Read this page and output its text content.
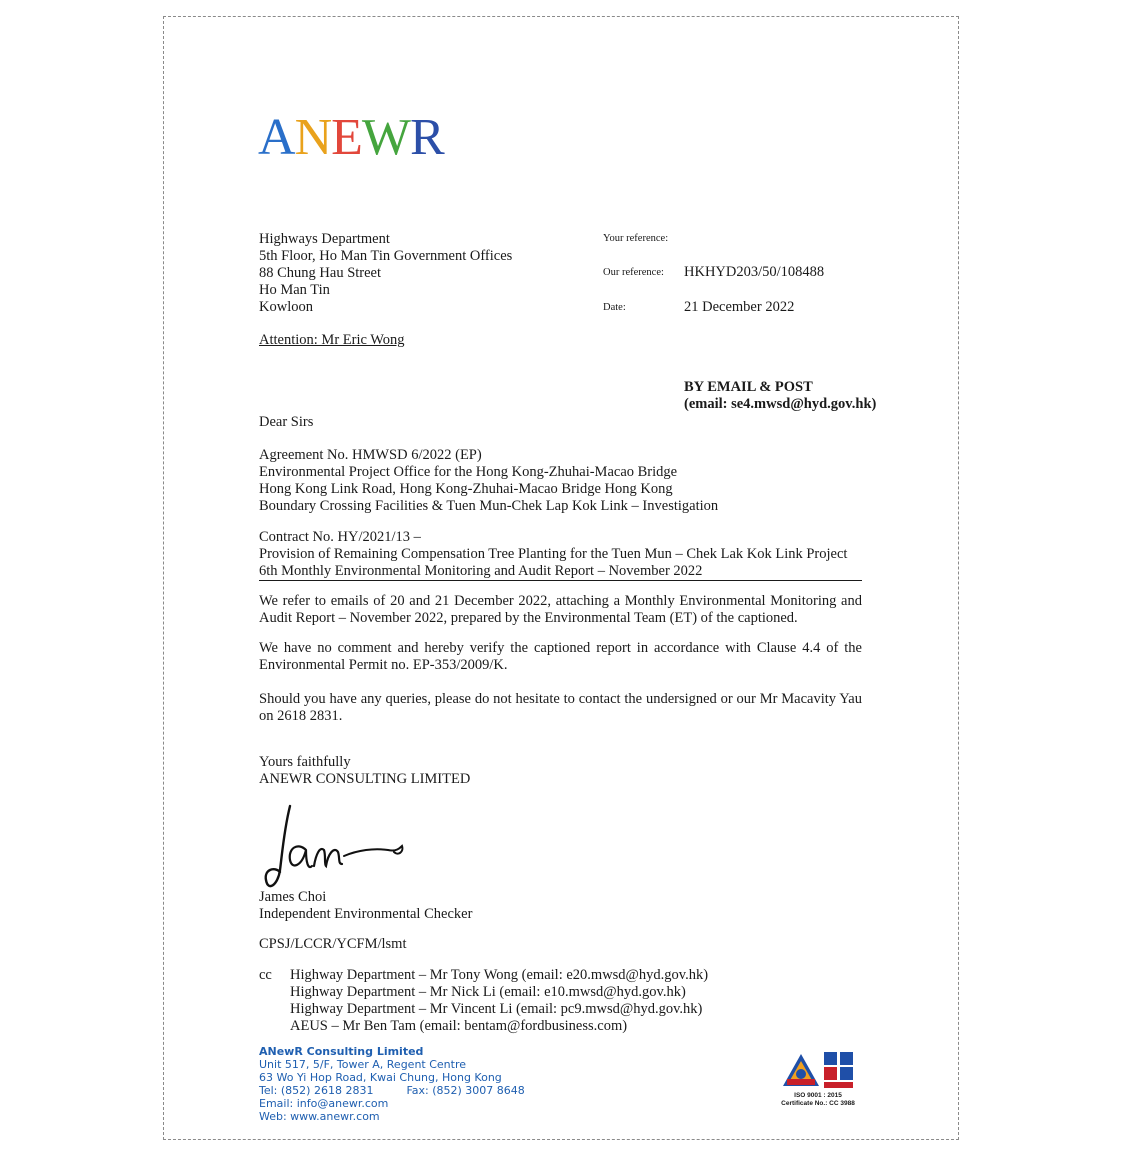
ANEWR
Highways Department
5th Floor, Ho Man Tin Government Offices
88 Chung Hau Street
Ho Man Tin
Kowloon
Your reference:
Our reference: HKHYD203/50/108488
Date:	21 December 2022
Attention: Mr Eric Wong
BY EMAIL & POST
(email: se4.mwsd@hyd.gov.hk)
Dear Sirs
Agreement No. HMWSD 6/2022 (EP)
Environmental Project Office for the Hong Kong-Zhuhai-Macao Bridge
Hong Kong Link Road, Hong Kong-Zhuhai-Macao Bridge Hong Kong
Boundary Crossing Facilities & Tuen Mun-Chek Lap Kok Link – Investigation
Contract No. HY/2021/13 –
Provision of Remaining Compensation Tree Planting for the Tuen Mun – Chek Lak Kok Link Project
6th Monthly Environmental Monitoring and Audit Report – November 2022
We refer to emails of 20 and 21 December 2022, attaching a Monthly Environmental Monitoring and Audit Report – November 2022, prepared by the Environmental Team (ET) of the captioned.
We have no comment and hereby verify the captioned report in accordance with Clause 4.4 of the Environmental Permit no. EP-353/2009/K.
Should you have any queries, please do not hesitate to contact the undersigned or our Mr Macavity Yau on 2618 2831.
Yours faithfully
ANEWR CONSULTING LIMITED
James Choi
Independent Environmental Checker
CPSJ/LCCR/YCFM/lsmt
cc Highway Department – Mr Tony Wong (email: e20.mwsd@hyd.gov.hk)
Highway Department – Mr Nick Li (email: e10.mwsd@hyd.gov.hk)
Highway Department – Mr Vincent Li (email: pc9.mwsd@hyd.gov.hk)
AEUS – Mr Ben Tam (email: bentam@fordbusiness.com)
ANewR Consulting Limited
Unit 517, 5/F, Tower A, Regent Centre
63 Wo Yi Hop Road, Kwai Chung, Hong Kong
Tel: (852) 2618 2831	Fax: (852) 3007 8648
Email: info@anewr.com
Web: www.anewr.com
ISO 9001 : 2015
Certificate No.: CC 3988
